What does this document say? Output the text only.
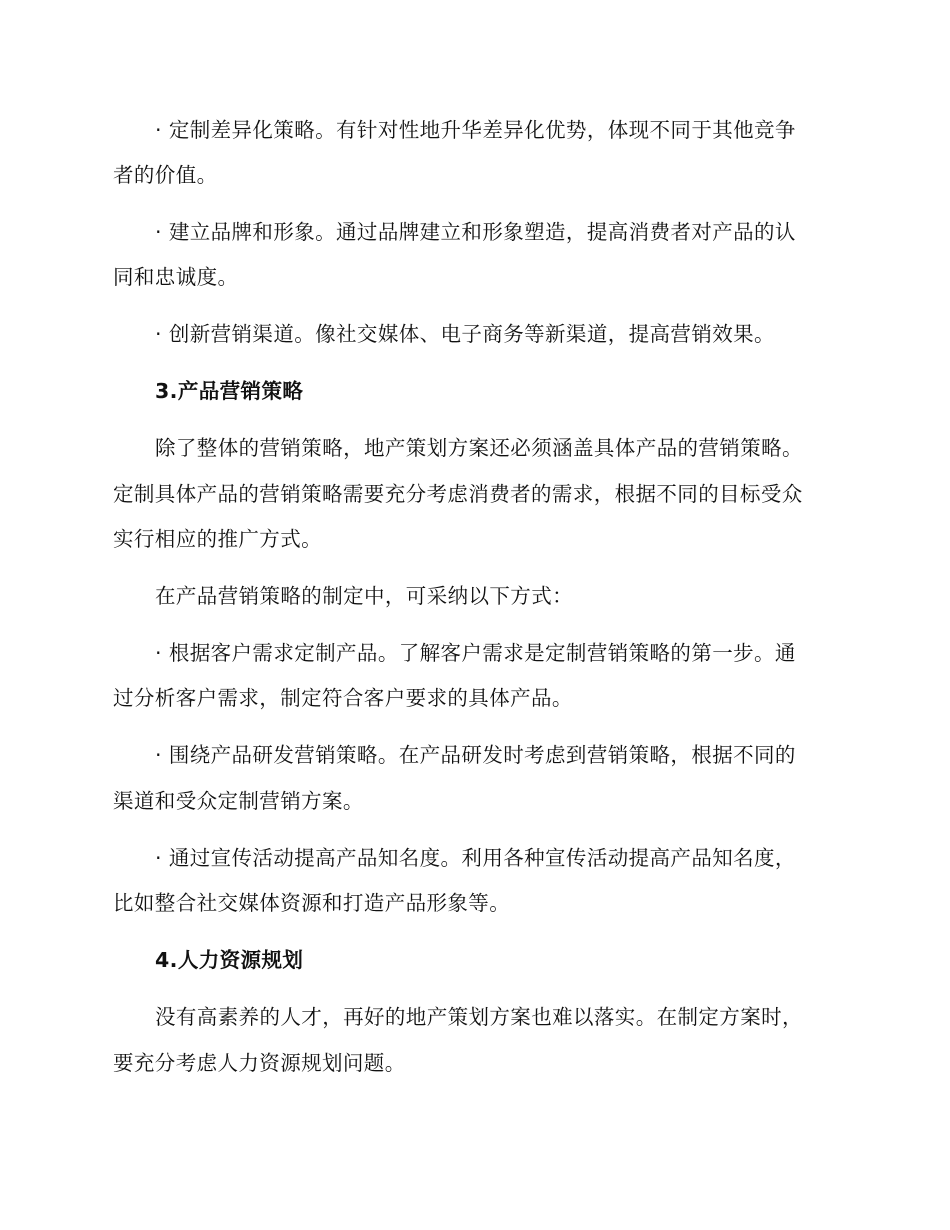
· 定制差异化策略。有针对性地升华差异化优势，体现不同于其他竞争
者的价值。
· 建立品牌和形象。通过品牌建立和形象塑造，提高消费者对产品的认
同和忠诚度。
· 创新营销渠道。像社交媒体、电子商务等新渠道，提高营销效果。
3.产品营销策略
除了整体的营销策略，地产策划方案还必须涵盖具体产品的营销策略。
定制具体产品的营销策略需要充分考虑消费者的需求，根据不同的目标受众
实行相应的推广方式。
在产品营销策略的制定中，可采纳以下方式：
· 根据客户需求定制产品。了解客户需求是定制营销策略的第一步。通
过分析客户需求，制定符合客户要求的具体产品。
· 围绕产品研发营销策略。在产品研发时考虑到营销策略，根据不同的
渠道和受众定制营销方案。
· 通过宣传活动提高产品知名度。利用各种宣传活动提高产品知名度，
比如整合社交媒体资源和打造产品形象等。
4.人力资源规划
没有高素养的人才，再好的地产策划方案也难以落实。在制定方案时，
要充分考虑人力资源规划问题。
